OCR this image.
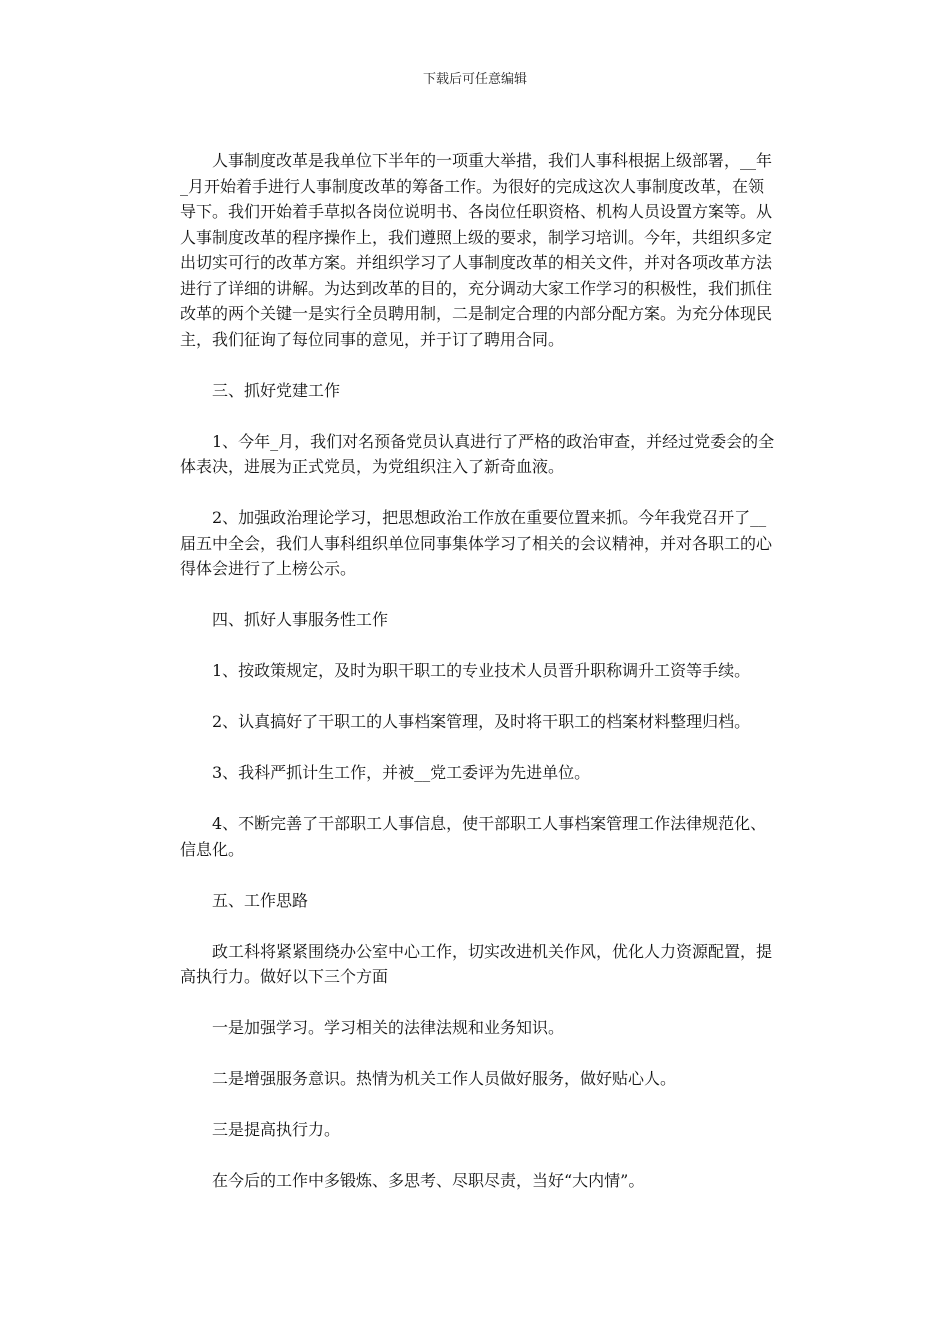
下载后可任意编辑

人事制度改革是我单位下半年的一项重大举措，我们人事科根据上级部署，__年_月开始着手进行人事制度改革的筹备工作。为很好的完成这次人事制度改革，在领导下。我们开始着手草拟各岗位说明书、各岗位任职资格、机构人员设置方案等。从人事制度改革的程序操作上，我们遵照上级的要求，制学习培训。今年，共组织多定出切实可行的改革方案。并组织学习了人事制度改革的相关文件，并对各项改革方法进行了详细的讲解。为达到改革的目的，充分调动大家工作学习的积极性，我们抓住改革的两个关键一是实行全员聘用制，二是制定合理的内部分配方案。为充分体现民主，我们征询了每位同事的意见，并于订了聘用合同。

三、抓好党建工作

1、今年_月，我们对名预备党员认真进行了严格的政治审查，并经过党委会的全体表决，进展为正式党员，为党组织注入了新奇血液。

2、加强政治理论学习，把思想政治工作放在重要位置来抓。今年我党召开了__届五中全会，我们人事科组织单位同事集体学习了相关的会议精神，并对各职工的心得体会进行了上榜公示。

四、抓好人事服务性工作

1、按政策规定，及时为职干职工的专业技术人员晋升职称调升工资等手续。

2、认真搞好了干职工的人事档案管理，及时将干职工的档案材料整理归档。

3、我科严抓计生工作，并被__党工委评为先进单位。

4、不断完善了干部职工人事信息，使干部职工人事档案管理工作法律规范化、信息化。

五、工作思路

政工科将紧紧围绕办公室中心工作，切实改进机关作风，优化人力资源配置，提高执行力。做好以下三个方面

一是加强学习。学习相关的法律法规和业务知识。

二是增强服务意识。热情为机关工作人员做好服务，做好贴心人。

三是提高执行力。

在今后的工作中多锻炼、多思考、尽职尽责，当好“大内情”。
